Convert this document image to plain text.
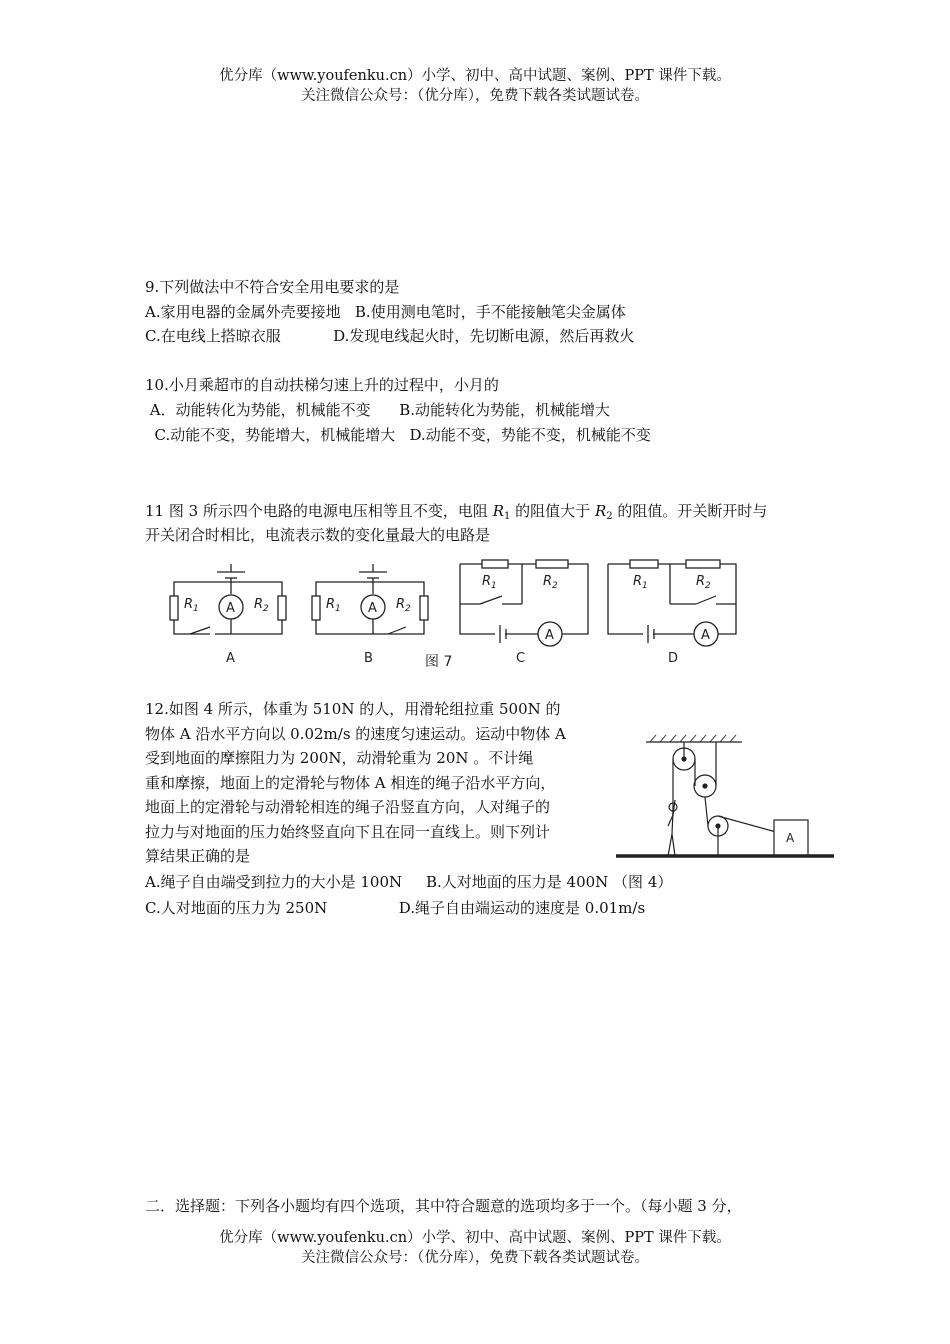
优分库（www.youfenku.cn）小学、初中、高中试题、案例、PPT 课件下载。
关注微信公众号：（优分库），免费下载各类试题试卷。
9.下列做法中不符合安全用电要求的是
A.家用电器的金属外壳要接地   B.使用测电笔时，手不能接触笔尖金属体
C.在电线上搭晾衣服           D.发现电线起火时，先切断电源，然后再救火
10.小月乘超市的自动扶梯匀速上升的过程中，小月的
A．动能转化为势能，机械能不变      B.动能转化为势能，机械能增大
C.动能不变，势能增大，机械能增大   D.动能不变，势能不变，机械能不变
11 图 3 所示四个电路的电源电压相等且不变，电阻 $R_1$ 的阻值大于 $R_2$ 的阻值。开关断开时与
开关闭合时相比，电流表示数的变化量最大的电路是
A
$R_1$	$R_2$
A
A
$R_1$	$R_2$
B
A
$R_1$	$R_2$
C
图 7
A
$R_1$	$R_2$
D
12.如图 4 所示，体重为 510N 的人，用滑轮组拉重 500N 的
物体 A 沿水平方向以 0.02m/s 的速度匀速运动。运动中物体 A
受到地面的摩擦阻力为 200N，动滑轮重为 20N 。不计绳
重和摩擦，地面上的定滑轮与物体 A 相连的绳子沿水平方向，
地面上的定滑轮与动滑轮相连的绳子沿竖直方向，人对绳子的
拉力与对地面的压力始终竖直向下且在同一直线上。则下列计
算结果正确的是
A.绳子自由端受到拉力的大小是 100N     B.人对地面的压力是 400N （图 4）
C.人对地面的压力为 250N               D.绳子自由端运动的速度是 0.01m/s
A
二．选择题：下列各小题均有四个选项，其中符合题意的选项均多于一个。（每小题 3 分，
优分库（www.youfenku.cn）小学、初中、高中试题、案例、PPT 课件下载。
关注微信公众号：（优分库），免费下载各类试题试卷。
